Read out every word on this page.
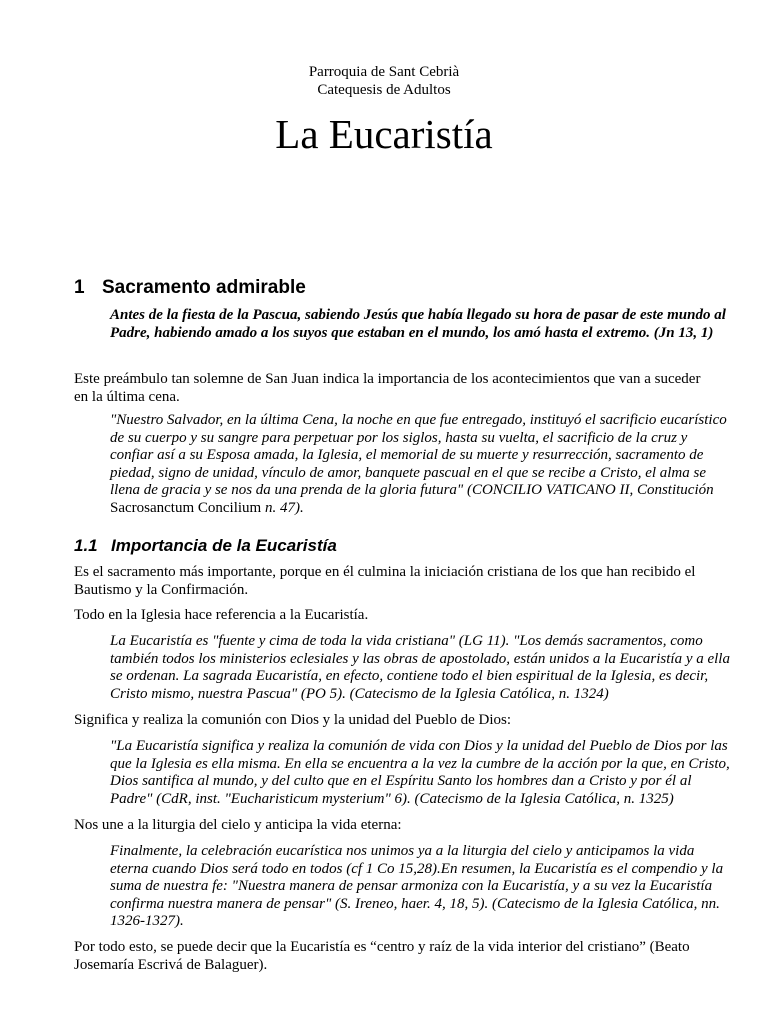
Parroquia de Sant Cebrià
Catequesis de Adultos
La Eucaristía
1 Sacramento admirable
Antes de la fiesta de la Pascua, sabiendo Jesús que había llegado su hora de pasar de este mundo al Padre, habiendo amado a los suyos que estaban en el mundo, los amó hasta el extremo. (Jn 13, 1)
Este preámbulo tan solemne de San Juan indica la importancia de los acontecimientos que van a suceder en la última cena.
"Nuestro Salvador, en la última Cena, la noche en que fue entregado, instituyó el sacrificio eucarístico de su cuerpo y su sangre para perpetuar por los siglos, hasta su vuelta, el sacrificio de la cruz y confiar así a su Esposa amada, la Iglesia, el memorial de su muerte y resurrección, sacramento de piedad, signo de unidad, vínculo de amor, banquete pascual en el que se recibe a Cristo, el alma se llena de gracia y se nos da una prenda de la gloria futura" (CONCILIO VATICANO II, Constitución Sacrosanctum Concilium n. 47).
1.1 Importancia de la Eucaristía
Es el sacramento más importante, porque en él culmina la iniciación cristiana de los que han recibido el Bautismo y la Confirmación.
Todo en la Iglesia hace referencia a la Eucaristía.
La Eucaristía es "fuente y cima de toda la vida cristiana" (LG 11). "Los demás sacramentos, como también todos los ministerios eclesiales y las obras de apostolado, están unidos a la Eucaristía y a ella se ordenan. La sagrada Eucaristía, en efecto, contiene todo el bien espiritual de la Iglesia, es decir, Cristo mismo, nuestra Pascua" (PO 5). (Catecismo de la Iglesia Católica, n. 1324)
Significa y realiza la comunión con Dios y la unidad del Pueblo de Dios:
"La Eucaristía significa y realiza la comunión de vida con Dios y la unidad del Pueblo de Dios por las que la Iglesia es ella misma. En ella se encuentra a la vez la cumbre de la acción por la que, en Cristo, Dios santifica al mundo, y del culto que en el Espíritu Santo los hombres dan a Cristo y por él al Padre" (CdR, inst. "Eucharisticum mysterium" 6). (Catecismo de la Iglesia Católica, n. 1325)
Nos une a la liturgia del cielo y anticipa la vida eterna:
Finalmente, la celebración eucarística nos unimos ya a la liturgia del cielo y anticipamos la vida eterna cuando Dios será todo en todos (cf 1 Co 15,28).En resumen, la Eucaristía es el compendio y la suma de nuestra fe: "Nuestra manera de pensar armoniza con la Eucaristía, y a su vez la Eucaristía confirma nuestra manera de pensar" (S. Ireneo, haer. 4, 18, 5). (Catecismo de la Iglesia Católica, nn. 1326-1327).
Por todo esto, se puede decir que la Eucaristía es “centro y raíz de la vida interior del cristiano” (Beato Josemaría Escrivá de Balaguer).
